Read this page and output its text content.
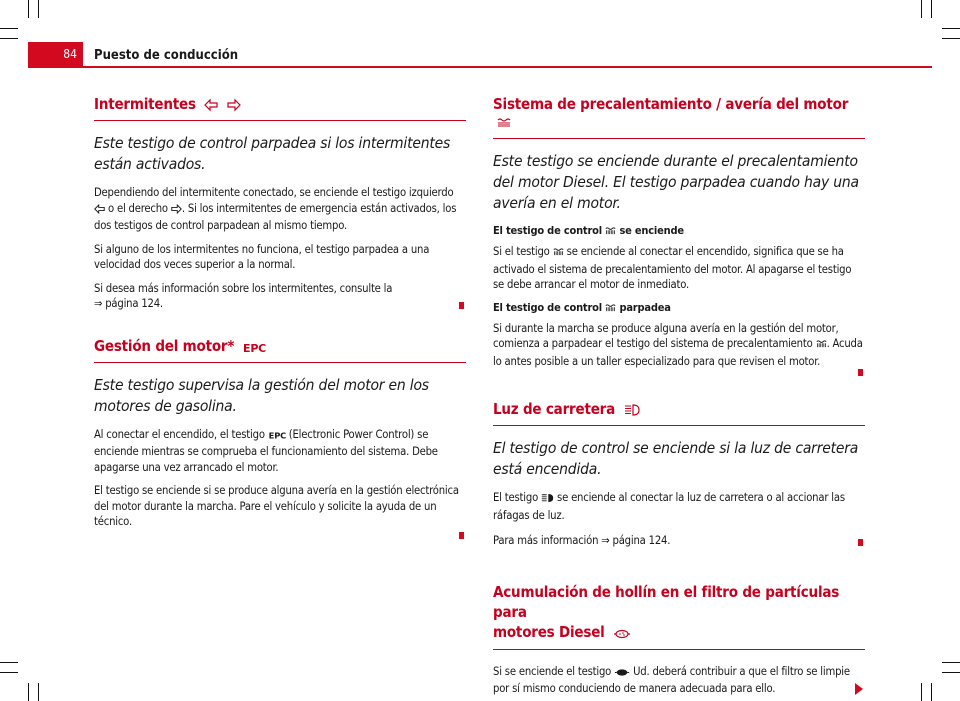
84	Puesto de conducción
Intermitentes

Este testigo de control parpadea si los intermitentes están activados.

Dependiendo del intermitente conectado, se enciende el testigo izquierdo  o el derecho . Si los intermitentes de emergencia están activados, los dos testigos de control parpadean al mismo tiempo.

Si alguno de los intermitentes no funciona, el testigo parpadea a una velocidad dos veces superior a la normal.

Si desea más información sobre los intermitentes, consulte la
⇒ página 124.

Gestión del motor* EPC

Este testigo supervisa la gestión del motor en los motores de gasolina.

Al conectar el encendido, el testigo EPC (Electronic Power Control) se enciende mientras se comprueba el funcionamiento del sistema. Debe apagarse una vez arrancado el motor.

El testigo se enciende si se produce alguna avería en la gestión electrónica del motor durante la marcha. Pare el vehículo y solicite la ayuda de un técnico.

Sistema de precalentamiento / avería del motor

Este testigo se enciende durante el precalentamiento del motor Diesel. El testigo parpadea cuando hay una avería en el motor.

El testigo de control se enciende

Si el testigo se enciende al conectar el encendido, significa que se ha activado el sistema de precalentamiento del motor. Al apagarse el testigo se debe arrancar el motor de inmediato.

El testigo de control parpadea

Si durante la marcha se produce alguna avería en la gestión del motor, comienza a parpadear el testigo del sistema de precalentamiento . Acuda lo antes posible a un taller especializado para que revisen el motor.

Luz de carretera

El testigo de control se enciende si la luz de carretera está encendida.

El testigo se enciende al conectar la luz de carretera o al accionar las ráfagas de luz.

Para más información ⇒ página 124.

Acumulación de hollín en el filtro de partículas para
motores Diesel

Si se enciende el testigo Ud. deberá contribuir a que el filtro se limpie por sí mismo conduciendo de manera adecuada para ello.
